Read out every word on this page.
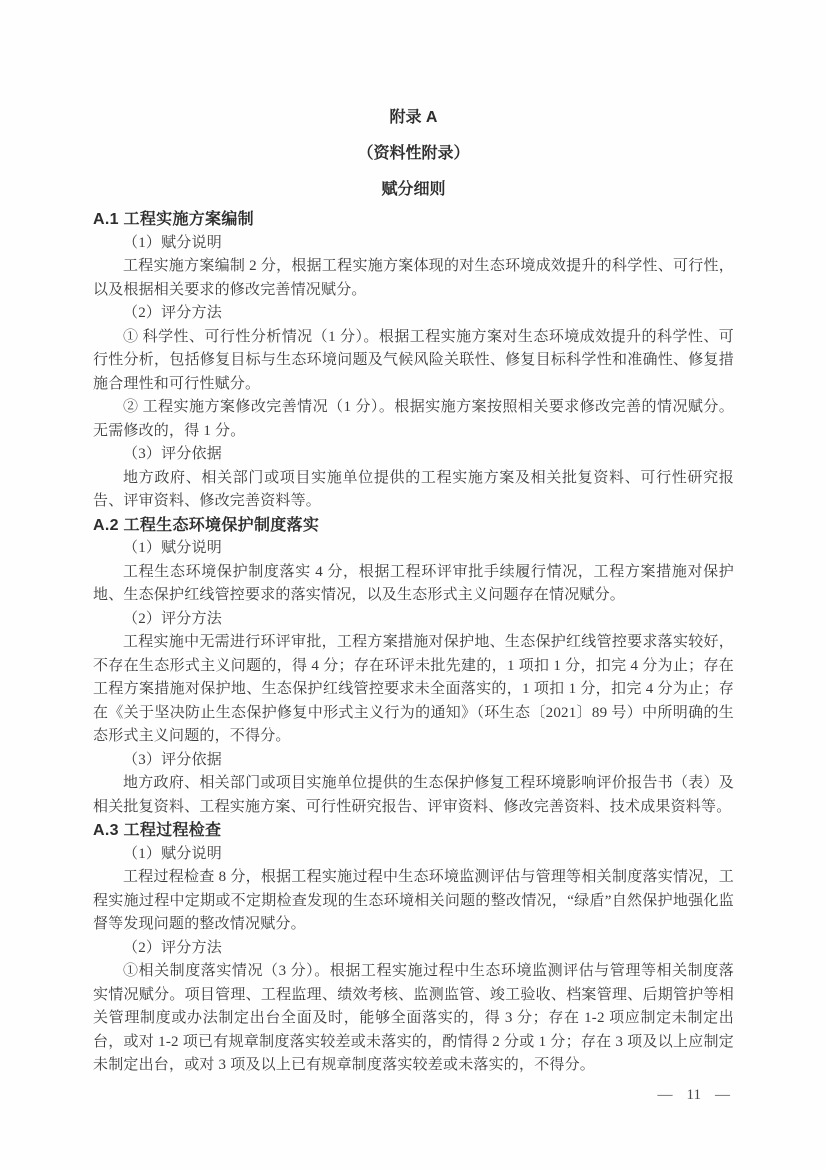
附录 A
（资料性附录）
赋分细则
A.1 工程实施方案编制

（1）赋分说明

工程实施方案编制 2 分，根据工程实施方案体现的对生态环境成效提升的科学性、可行性，以及根据相关要求的修改完善情况赋分。

（2）评分方法

① 科学性、可行性分析情况（1 分）。根据工程实施方案对生态环境成效提升的科学性、可行性分析，包括修复目标与生态环境问题及气候风险关联性、修复目标科学性和准确性、修复措施合理性和可行性赋分。

② 工程实施方案修改完善情况（1 分）。根据实施方案按照相关要求修改完善的情况赋分。无需修改的，得 1 分。

（3）评分依据

地方政府、相关部门或项目实施单位提供的工程实施方案及相关批复资料、可行性研究报告、评审资料、修改完善资料等。

A.2 工程生态环境保护制度落实

（1）赋分说明

工程生态环境保护制度落实 4 分，根据工程环评审批手续履行情况，工程方案措施对保护地、生态保护红线管控要求的落实情况，以及生态形式主义问题存在情况赋分。

（2）评分方法

工程实施中无需进行环评审批，工程方案措施对保护地、生态保护红线管控要求落实较好，不存在生态形式主义问题的，得 4 分；存在环评未批先建的，1 项扣 1 分，扣完 4 分为止；存在工程方案措施对保护地、生态保护红线管控要求未全面落实的，1 项扣 1 分，扣完 4 分为止；存在《关于坚决防止生态保护修复中形式主义行为的通知》（环生态〔2021〕89 号）中所明确的生态形式主义问题的，不得分。

（3）评分依据

地方政府、相关部门或项目实施单位提供的生态保护修复工程环境影响评价报告书（表）及相关批复资料、工程实施方案、可行性研究报告、评审资料、修改完善资料、技术成果资料等。

A.3 工程过程检查

（1）赋分说明

工程过程检查 8 分，根据工程实施过程中生态环境监测评估与管理等相关制度落实情况，工程实施过程中定期或不定期检查发现的生态环境相关问题的整改情况，“绿盾”自然保护地强化监督等发现问题的整改情况赋分。

（2）评分方法

①相关制度落实情况（3 分）。根据工程实施过程中生态环境监测评估与管理等相关制度落实情况赋分。项目管理、工程监理、绩效考核、监测监管、竣工验收、档案管理、后期管护等相关管理制度或办法制定出台全面及时，能够全面落实的，得 3 分；存在 1-2 项应制定未制定出台，或对 1-2 项已有规章制度落实较差或未落实的，酌情得 2 分或 1 分；存在 3 项及以上应制定未制定出台，或对 3 项及以上已有规章制度落实较差或未落实的，不得分。

— 11 —
